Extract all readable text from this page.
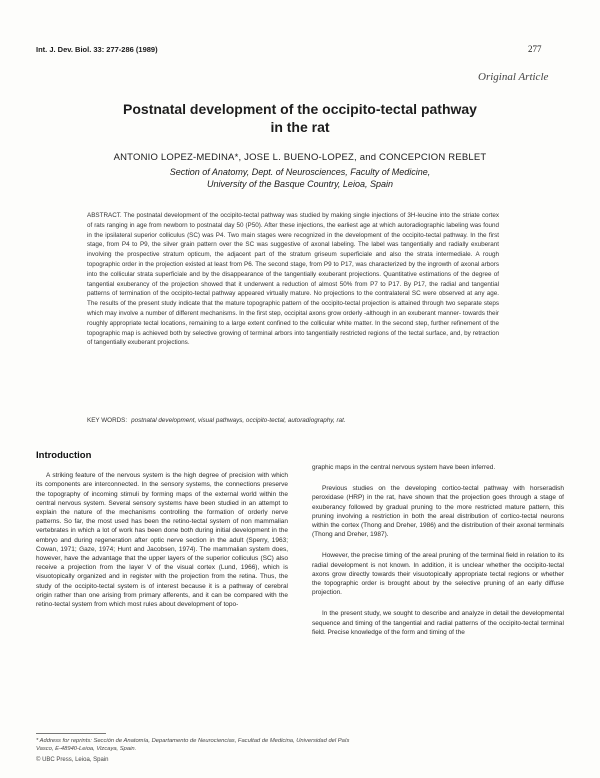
Int. J. Dev. Biol. 33: 277-286 (1989)	277
Original Article
Postnatal development of the occipito-tectal pathway
in the rat
ANTONIO LOPEZ-MEDINA*, JOSE L. BUENO-LOPEZ, and CONCEPCION REBLET
Section of Anatomy, Dept. of Neurosciences, Faculty of Medicine,
University of the Basque Country, Leioa, Spain
ABSTRACT. The postnatal development of the occipito-tectal pathway was studied by making single injections of 3H-leucine into the striate cortex of rats ranging in age from newborn to postnatal day 50 (P50). After these injections, the earliest age at which autoradiographic labeling was found in the ipsilateral superior colliculus (SC) was P4. Two main stages were recognized in the development of the occipito-tectal pathway. In the first stage, from P4 to P9, the silver grain pattern over the SC was suggestive of axonal labeling. The label was tangentially and radially exuberant involving the prospective stratum opticum, the adjacent part of the stratum griseum superficiale and also the strata intermediale. A rough topographic order in the projection existed at least from P6. The second stage, from P9 to P17, was characterized by the ingrowth of axonal arbors into the collicular strata superficiale and by the disappearance of the tangentially exuberant projections. Quantitative estimations of the degree of tangential exuberancy of the projection showed that it underwent a reduction of almost 50% from P7 to P17. By P17, the radial and tangential patterns of termination of the occipito-tectal pathway appeared virtually mature. No projections to the contralateral SC were observed at any age. The results of the present study indicate that the mature topographic pattern of the occipito-tectal projection is attained through two separate steps which may involve a number of different mechanisms. In the first step, occipital axons grow orderly -although in an exuberant manner- towards their roughly appropriate tectal locations, remaining to a large extent confined to the collicular white matter. In the second step, further refinement of the topographic map is achieved both by selective growing of terminal arbors into tangentially restricted regions of the tectal surface, and, by retraction of tangentially exuberant projections.
KEY WORDS: postnatal development, visual pathways, occipito-tectal, autoradiography, rat.
Introduction

A striking feature of the nervous system is the high degree of precision with which its components are interconnected. In the sensory systems, the connections preserve the topography of incoming stimuli by forming maps of the external world within the central nervous system. Several sensory systems have been studied in an attempt to explain the nature of the mechanisms controlling the formation of orderly nerve patterns. So far, the most used has been the retino-tectal system of non mammalian vertebrates in which a lot of work has been done both during initial development in the embryo and during regeneration after optic nerve section in the adult (Sperry, 1963; Cowan, 1971; Gaze, 1974; Hunt and Jacobsen, 1974). The mammalian system does, however, have the advantage that the upper layers of the superior colliculus (SC) also receive a projection from the layer V of the visual cortex (Lund, 1966), which is visuotopically organized and in register with the projection from the retina. Thus, the study of the occipito-tectal system is of interest because it is a pathway of cerebral origin rather than one arising from primary afferents, and it can be compared with the retino-tectal system from which most rules about development of topo-

graphic maps in the central nervous system have been inferred.

Previous studies on the developing cortico-tectal pathway with horseradish peroxidase (HRP) in the rat, have shown that the projection goes through a stage of exuberancy followed by gradual pruning to the more restricted mature pattern, this pruning involving a restriction in both the areal distribution of cortico-tectal neurons within the cortex (Thong and Dreher, 1986) and the distribution of their axonal terminals (Thong and Dreher, 1987).

However, the precise timing of the areal pruning of the terminal field in relation to its radial development is not known. In addition, it is unclear whether the occipito-tectal axons grow directly towards their visuotopically appropriate tectal regions or whether the topographic order is brought about by the selective pruning of an early diffuse projection.

In the present study, we sought to describe and analyze in detail the developmental sequence and timing of the tangential and radial patterns of the occipito-tectal terminal field. Precise knowledge of the form and timing of the

* Address for reprints: Sección de Anatomía, Departamento de Neurociencias, Facultad de Medicina, Universidad del País Vasco, E-48940-Leioa, Vizcaya, Spain.
© UBC Press, Leioa, Spain
